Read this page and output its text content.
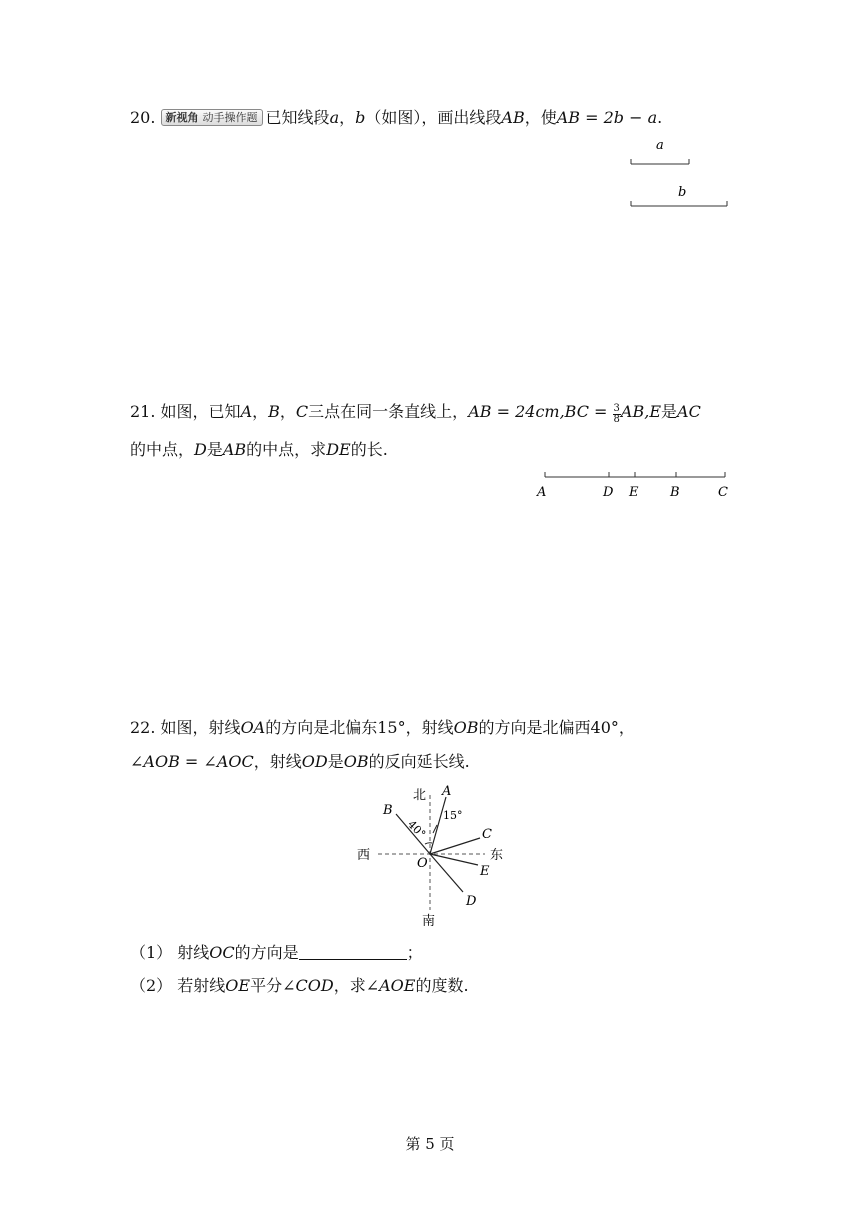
20. 新视角 动手操作题 已知线段a，b（如图），画出线段AB，使AB = 2b − a.
a
b
21. 如图，已知A，B，C三点在同一条直线上，AB = $24cm,BC = \frac{3}{8} AB,E$是AC
的中点，D是AB的中点，求DE的长.
A	D E B	C
22. 如图，射线OA的方向是北偏东15°，射线OB的方向是北偏西40°，
∠AOB = ∠AOC，射线OD是OB的反向延长线.
北
南
西	东
A
B
C
E
D
O
15°
40°
（1） 射线OC的方向是	；
（2） 若射线OE平分∠COD，求∠AOE的度数.
第 5 页
